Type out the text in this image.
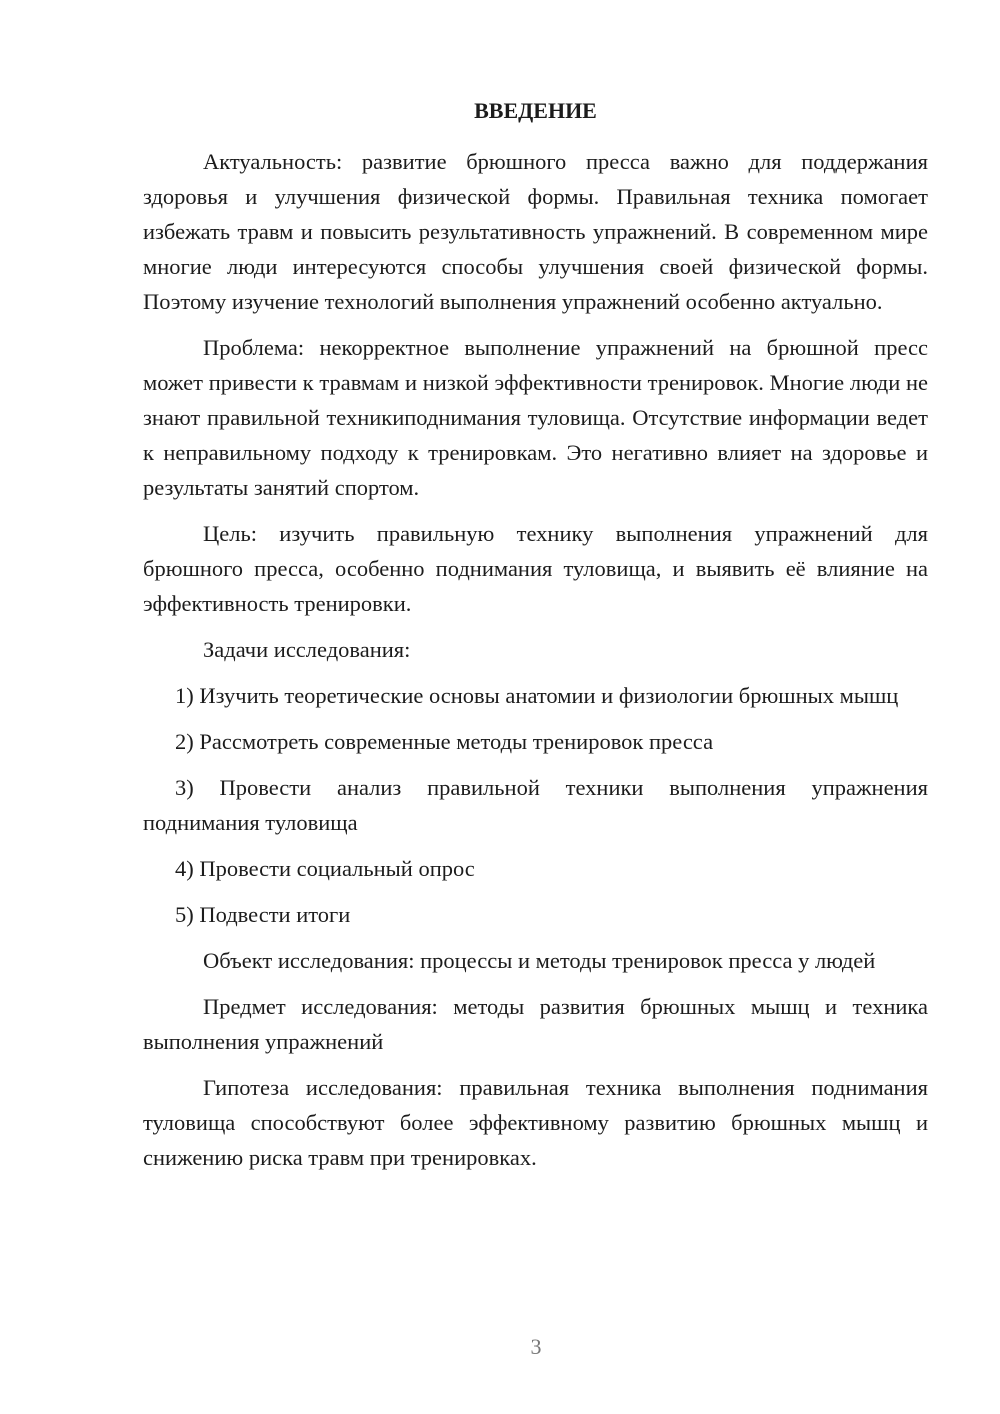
ВВЕДЕНИЕ

Актуальность: развитие брюшного пресса важно для поддержания здоровья и улучшения физической формы. Правильная техника помогает избежать травм и повысить результативность упражнений. В современном мире многие люди интересуются способы улучшения своей физической формы. Поэтому изучение технологий выполнения упражнений особенно актуально.

Проблема: некорректное выполнение упражнений на брюшной пресс может привести к травмам и низкой эффективности тренировок. Многие люди не знают правильной техникиподнимания туловища. Отсутствие информации ведет к неправильному подходу к тренировкам. Это негативно влияет на здоровье и результаты занятий спортом.

Цель: изучить правильную технику выполнения упражнений для брюшного пресса, особенно поднимания туловища, и выявить её влияние на эффективность тренировки.

Задачи исследования:

1) Изучить теоретические основы анатомии и физиологии брюшных мышц

2) Рассмотреть современные методы тренировок пресса

3) Провести анализ правильной техники выполнения упражнения поднимания туловища

4) Провести социальный опрос

5) Подвести итоги

Объект исследования: процессы и методы тренировок пресса у людей

Предмет исследования: методы развития брюшных мышц и техника выполнения упражнений

Гипотеза исследования: правильная техника выполнения поднимания туловища способствуют более эффективному развитию брюшных мышц и снижению риска травм при тренировках.

3
